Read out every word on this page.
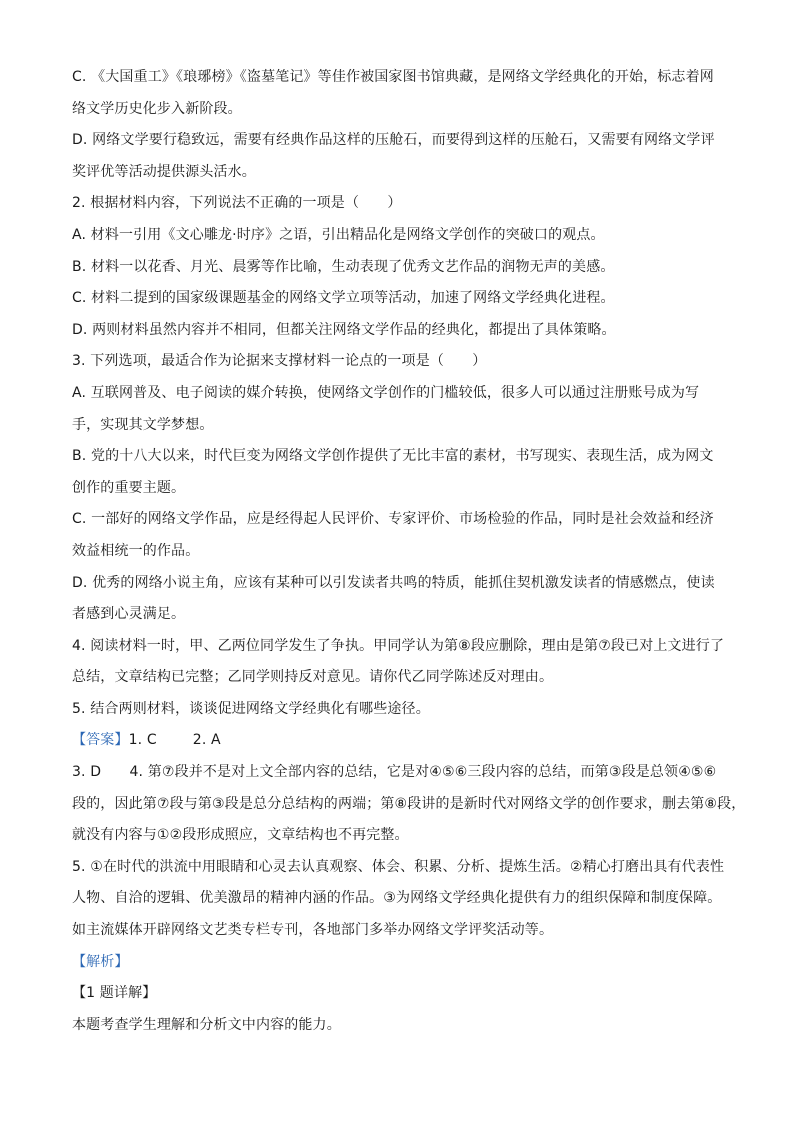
C. 《大国重工》《琅琊榜》《盗墓笔记》等佳作被国家图书馆典藏，是网络文学经典化的开始，标志着网
络文学历史化步入新阶段。
D. 网络文学要行稳致远，需要有经典作品这样的压舱石，而要得到这样的压舱石，又需要有网络文学评
奖评优等活动提供源头活水。
2. 根据材料内容，下列说法不正确的一项是（　　）
A. 材料一引用《文心雕龙·时序》之语，引出精品化是网络文学创作的突破口的观点。
B. 材料一以花香、月光、晨雾等作比喻，生动表现了优秀文艺作品的润物无声的美感。
C. 材料二提到的国家级课题基金的网络文学立项等活动，加速了网络文学经典化进程。
D. 两则材料虽然内容并不相同，但都关注网络文学作品的经典化，都提出了具体策略。
3. 下列选项，最适合作为论据来支撑材料一论点的一项是（　　）
A. 互联网普及、电子阅读的媒介转换，使网络文学创作的门槛较低，很多人可以通过注册账号成为写
手，实现其文学梦想。
B. 党的十八大以来，时代巨变为网络文学创作提供了无比丰富的素材，书写现实、表现生活，成为网文
创作的重要主题。
C. 一部好的网络文学作品，应是经得起人民评价、专家评价、市场检验的作品，同时是社会效益和经济
效益相统一的作品。
D. 优秀的网络小说主角，应该有某种可以引发读者共鸣的特质，能抓住契机激发读者的情感燃点，使读
者感到心灵满足。
4. 阅读材料一时，甲、乙两位同学发生了争执。甲同学认为第⑧段应删除，理由是第⑦段已对上文进行了
总结，文章结构已完整；乙同学则持反对意见。请你代乙同学陈述反对理由。
5. 结合两则材料，谈谈促进网络文学经典化有哪些途径。
【答案】1. C	2. A
3. D　　4. 第⑦段并不是对上文全部内容的总结，它是对④⑤⑥三段内容的总结，而第③段是总领④⑤⑥
段的，因此第⑦段与第③段是总分总结构的两端；第⑧段讲的是新时代对网络文学的创作要求，删去第⑧段，
就没有内容与①②段形成照应，文章结构也不再完整。
5. ①在时代的洪流中用眼睛和心灵去认真观察、体会、积累、分析、提炼生活。②精心打磨出具有代表性
人物、自洽的逻辑、优美激昂的精神内涵的作品。③为网络文学经典化提供有力的组织保障和制度保障。
如主流媒体开辟网络文艺类专栏专刊，各地部门多举办网络文学评奖活动等。
【解析】
【1 题详解】
本题考查学生理解和分析文中内容的能力。
